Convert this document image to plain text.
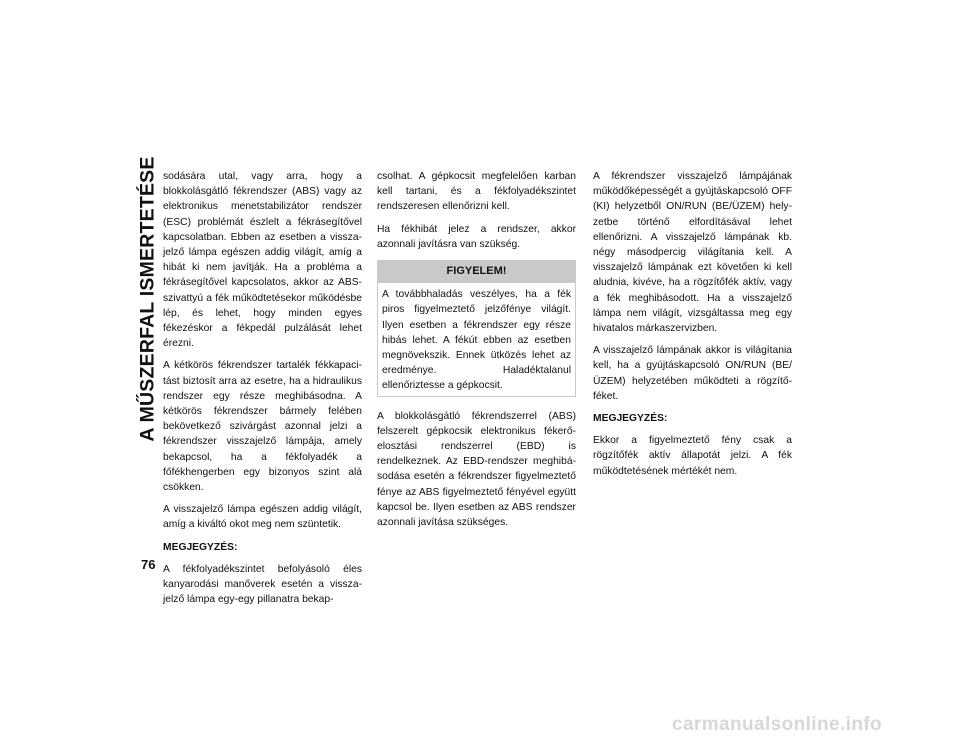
A MŰSZERFAL ISMERTETÉSE
76

sodására utal, vagy arra, hogy a blokkolásgátló fékrendszer (ABS) vagy az elektronikus menetstabilizátor rendszer (ESC) problémát észlelt a fékrásegítővel kapcsolatban. Ebben az esetben a visszajelző lámpa egészen addig világít, amíg a hibát ki nem javítják. Ha a probléma a fékrásegítővel kapcsolatos, akkor az ABS-szivattyú a fék működtetésekor működésbe lép, és lehet, hogy minden egyes fékezéskor a fékpedál pulzálását lehet érezni.

A kétkörös fékrendszer tartalék fékkapacitást biztosít arra az esetre, ha a hidraulikus rendszer egy része meghibásodna. A kétkörös fékrendszer bármely felében bekövetkező szivárgást azonnal jelzi a fékrendszer visszajelző lámpája, amely bekapcsol, ha a fékfolyadék a főfékhengerben egy bizonyos szint alá csökken.

A visszajelző lámpa egészen addig világít, amíg a kiváltó okot meg nem szüntetik.

MEGJEGYZÉS:

A fékfolyadékszintet befolyásoló éles kanyarodási manőverek esetén a visszajelző lámpa egy-egy pillanatra bekap-

csolhat. A gépkocsit megfelelően karban kell tartani, és a fékfolyadékszintet rendszeresen ellenőrizni kell.

Ha fékhibát jelez a rendszer, akkor azonnali javításra van szükség.

FIGYELEM!

A továbbhaladás veszélyes, ha a fék piros figyelmeztető jelzőfénye világít. Ilyen esetben a fékrendszer egy része hibás lehet. A fékút ebben az esetben megnövekszik. Ennek ütközés lehet az eredménye. Haladéktalanul ellenőriztesse a gépkocsit.

A blokkolásgátló fékrendszerrel (ABS) felszerelt gépkocsik elektronikus fékerő-elosztási rendszerrel (EBD) is rendelkeznek. Az EBD-rendszer meghibásodása esetén a fékrendszer figyelmeztető fénye az ABS figyelmeztető fényével együtt kapcsol be. Ilyen esetben az ABS rendszer azonnali javítása szükséges.

A fékrendszer visszajelző lámpájának működőképességét a gyújtáskapcsoló OFF (KI) helyzetből ON/RUN (BE/ÜZEM) helyzetbe történő elfordításával lehet ellenőrizni. A visszajelző lámpának kb. négy másodpercig világítania kell. A visszajelző lámpának ezt követően ki kell aludnia, kivéve, ha a rögzítőfék aktív, vagy a fék meghibásodott. Ha a visszajelző lámpa nem világít, vizsgáltassa meg egy hivatalos márkaszervizben.

A visszajelző lámpának akkor is világítania kell, ha a gyújtáskapcsoló ON/RUN (BE/ ÜZEM) helyzetében működteti a rögzítőféket.

MEGJEGYZÉS:

Ekkor a figyelmeztető fény csak a rögzítőfék aktív állapotát jelzi. A fék működtetésének mértékét nem.

carmanualsonline.info
